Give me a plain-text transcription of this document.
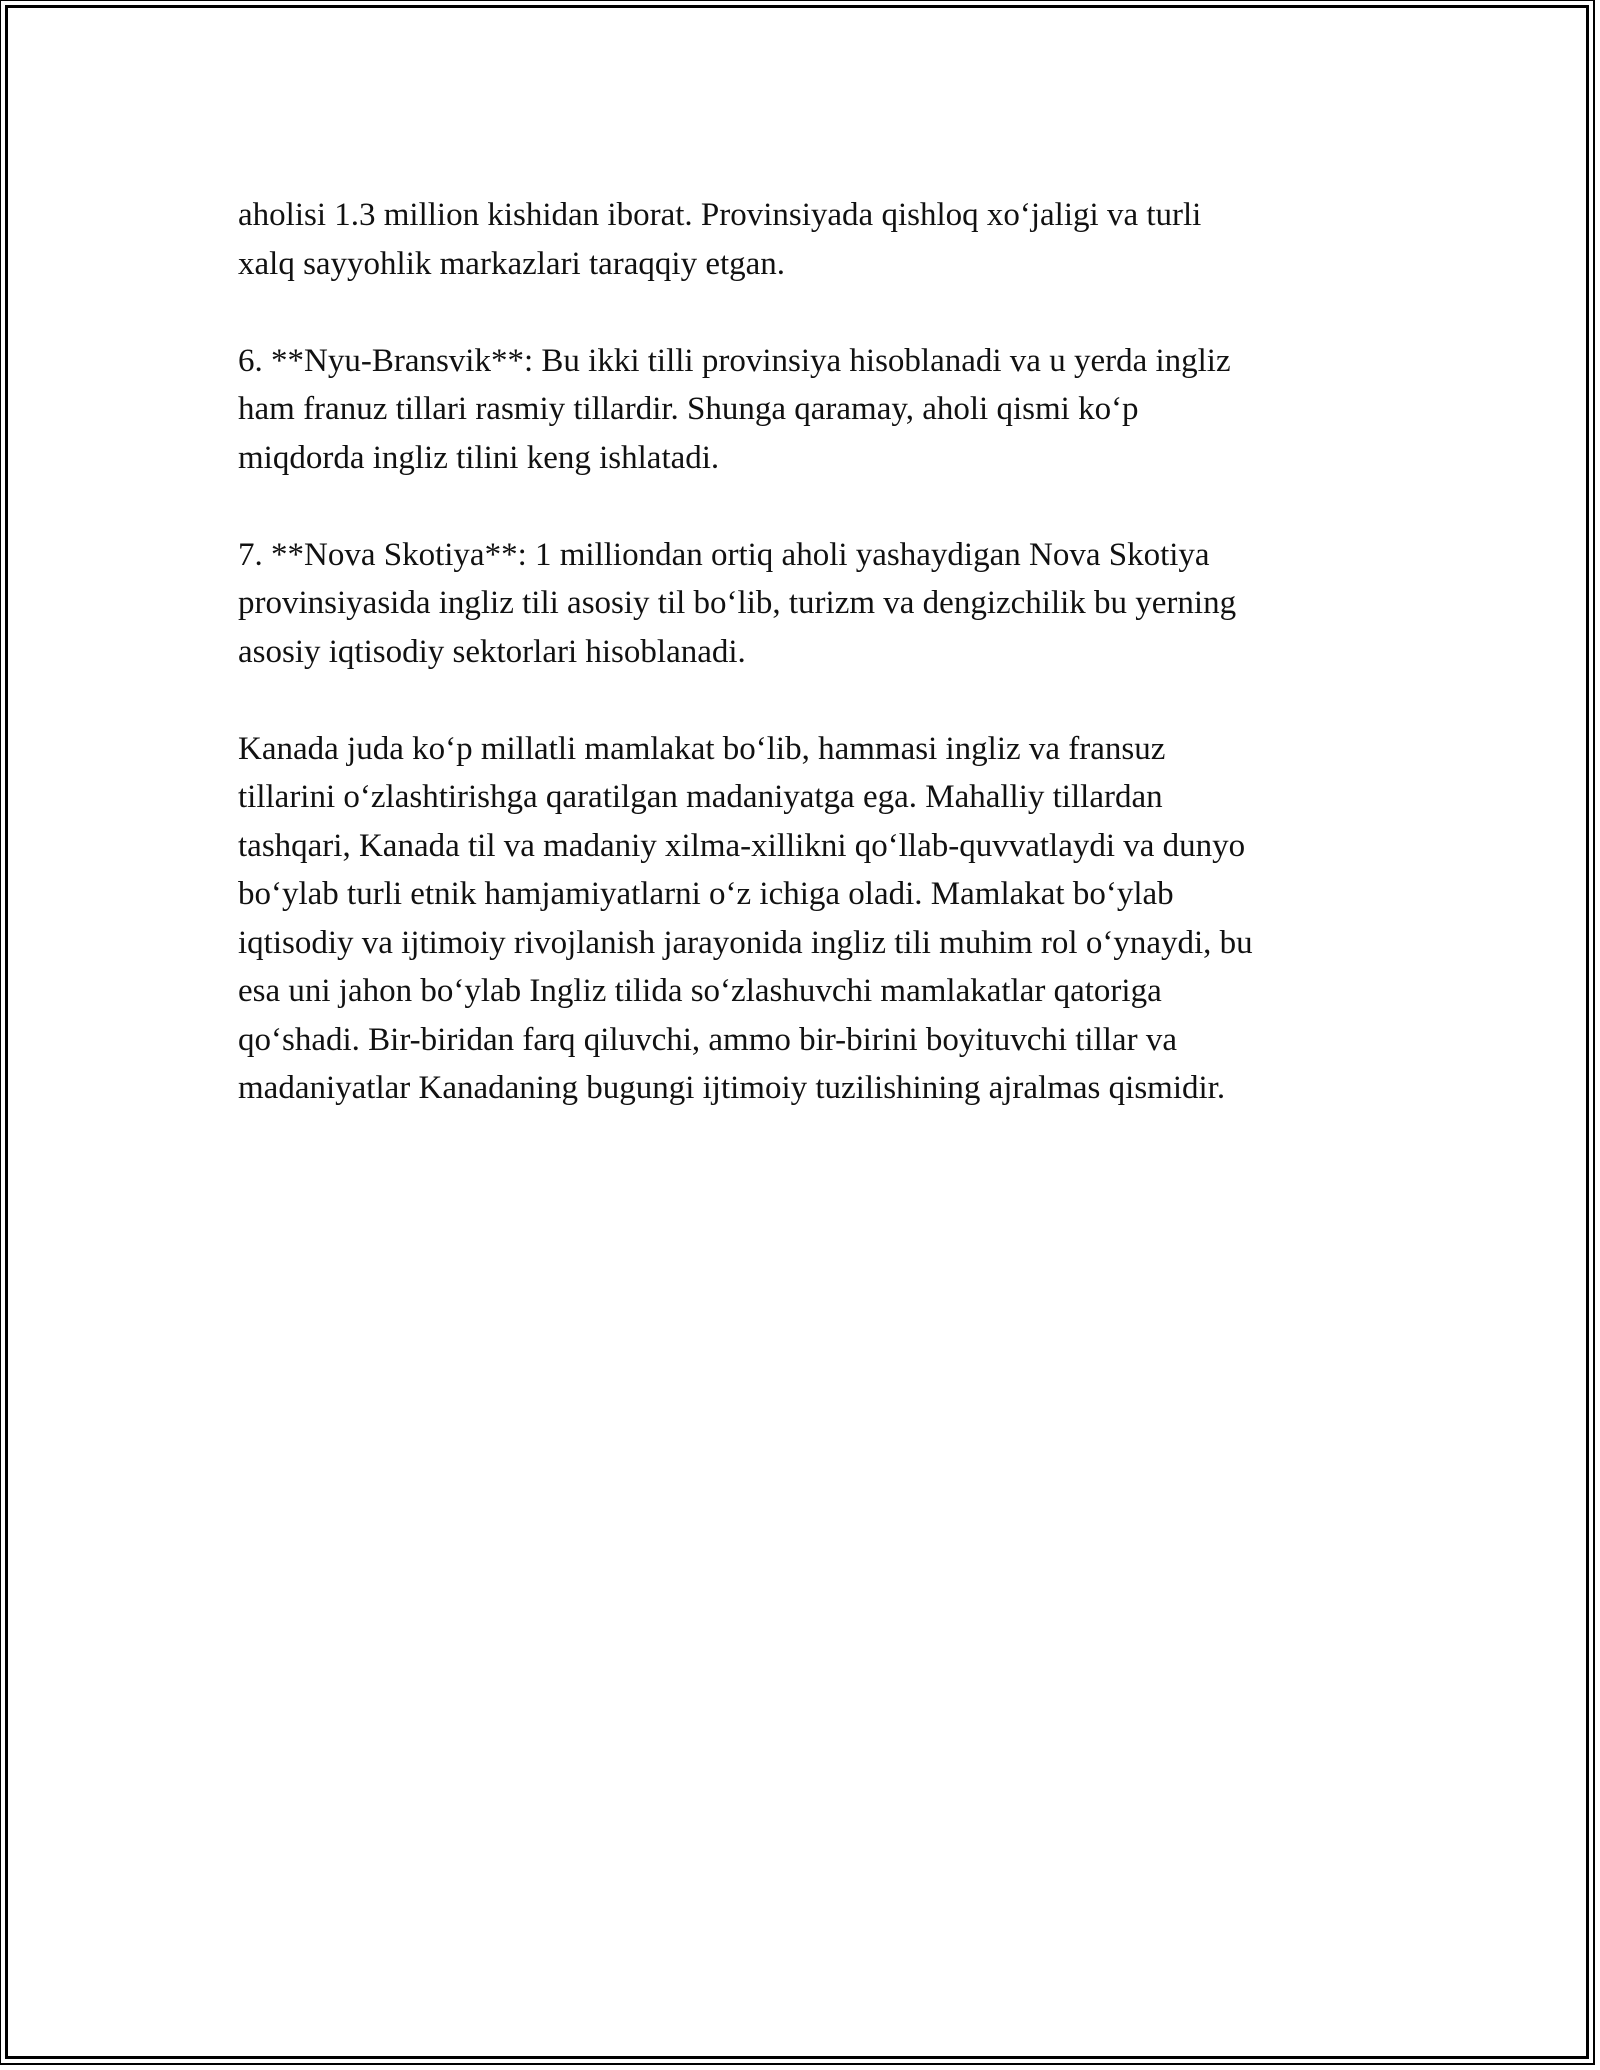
aholisi 1.3 million kishidan iborat. Provinsiyada qishloq xo‘jaligi va turli
xalq sayyohlik markazlari taraqqiy etgan.

6. **Nyu-Bransvik**: Bu ikki tilli provinsiya hisoblanadi va u yerda ingliz
ham franuz tillari rasmiy tillardir. Shunga qaramay, aholi qismi ko‘p
miqdorda ingliz tilini keng ishlatadi.

7. **Nova Skotiya**: 1 milliondan ortiq aholi yashaydigan Nova Skotiya
provinsiyasida ingliz tili asosiy til bo‘lib, turizm va dengizchilik bu yerning
asosiy iqtisodiy sektorlari hisoblanadi.

Kanada juda ko‘p millatli mamlakat bo‘lib, hammasi ingliz va fransuz
tillarini o‘zlashtirishga qaratilgan madaniyatga ega. Mahalliy tillardan
tashqari, Kanada til va madaniy xilma-xillikni qo‘llab-quvvatlaydi va dunyo
bo‘ylab turli etnik hamjamiyatlarni o‘z ichiga oladi. Mamlakat bo‘ylab
iqtisodiy va ijtimoiy rivojlanish jarayonida ingliz tili muhim rol o‘ynaydi, bu
esa uni jahon bo‘ylab Ingliz tilida so‘zlashuvchi mamlakatlar qatoriga
qo‘shadi. Bir-biridan farq qiluvchi, ammo bir-birini boyituvchi tillar va
madaniyatlar Kanadaning bugungi ijtimoiy tuzilishining ajralmas qismidir.
